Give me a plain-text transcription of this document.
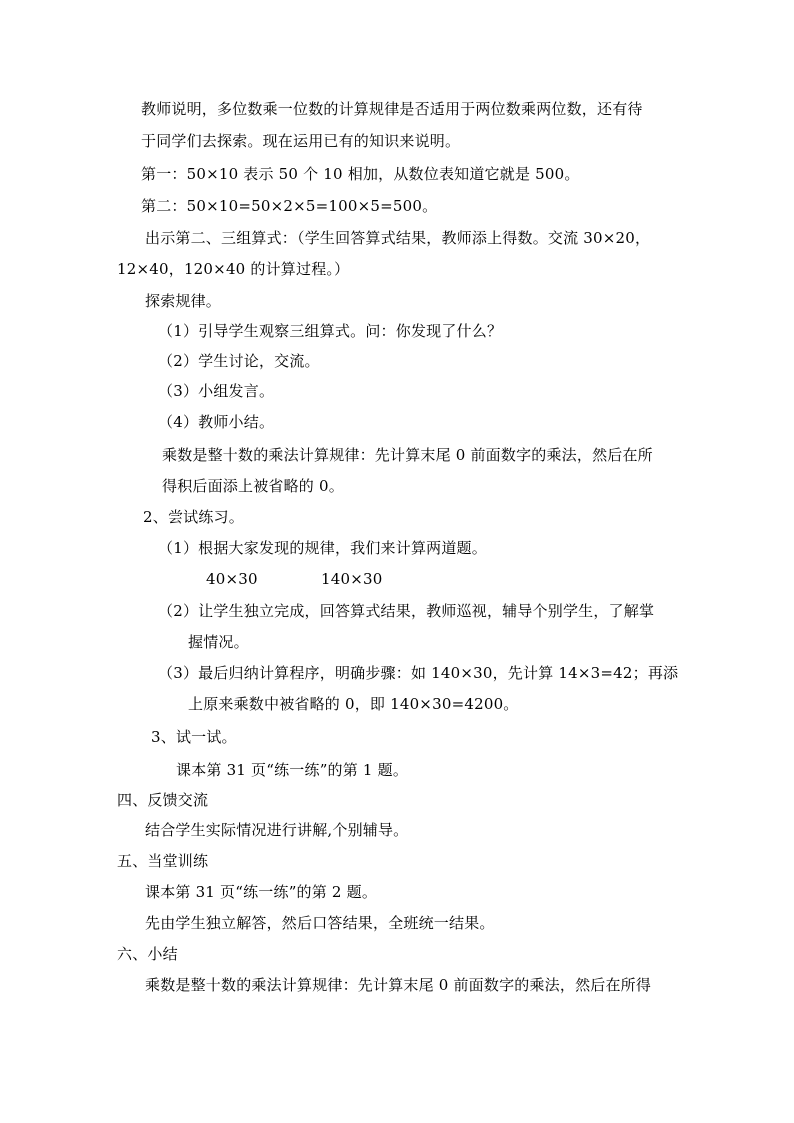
教师说明，多位数乘一位数的计算规律是否适用于两位数乘两位数，还有待
于同学们去探索。现在运用已有的知识来说明。
第一：50×10 表示 50 个 10 相加，从数位表知道它就是 500。
第二：50×10=50×2×5=100×5=500。
出示第二、三组算式：（学生回答算式结果，教师添上得数。交流 30×20，
12×40，120×40 的计算过程。）
探索规律。
（1）引导学生观察三组算式。问：你发现了什么？
（2）学生讨论，交流。
（3）小组发言。
（4）教师小结。
乘数是整十数的乘法计算规律：先计算末尾 0 前面数字的乘法，然后在所
得积后面添上被省略的 0。
2、尝试练习。
（1）根据大家发现的规律，我们来计算两道题。
40×30	140×30
（2）让学生独立完成，回答算式结果，教师巡视，辅导个别学生，了解掌
握情况。
（3）最后归纳计算程序，明确步骤：如 140×30，先计算 14×3=42；再添
上原来乘数中被省略的 0，即 140×30=4200。
3、试一试。
课本第 31 页“练一练”的第 1 题。
四、反馈交流
结合学生实际情况进行讲解,个别辅导。
五、当堂训练
课本第 31 页“练一练”的第 2 题。
先由学生独立解答，然后口答结果，全班统一结果。
六、小结
乘数是整十数的乘法计算规律：先计算末尾 0 前面数字的乘法，然后在所得
